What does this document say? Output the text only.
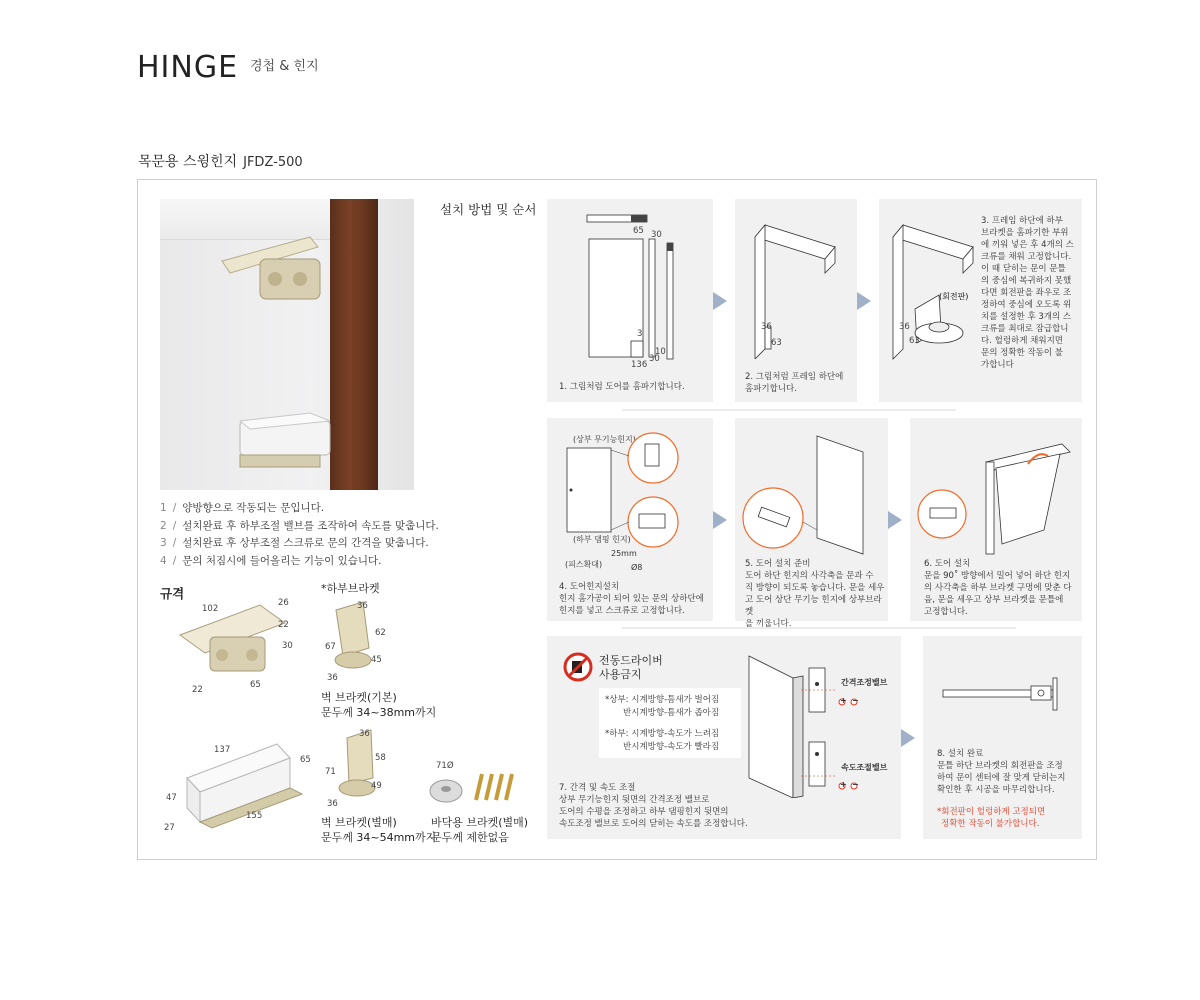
HINGE 경첩 & 힌지
목문용 스윙힌지 JFDZ-500
1 / 양방향으로 작동되는 문입니다.
2 / 설치완료 후 하부조절 밸브를 조작하여 속도를 맞춥니다.
3 / 설치완료 후 상부조절 스크류로 문의 간격을 맞춥니다.
4 / 문의 처짐시에 들어올리는 기능이 있습니다.
규격	*하부브라켓
102
26
22
30
22	65
36
62
67
45
36
벽 브라켓(기본)
문두께 34~38mm까지
137
65
47
27
155
36
58
71
49
36
벽 브라켓(별매)
문두께 34~54mm까지
71Ø
바닥용 브라켓(별매)
문두께 제한없음
설치 방법 및 순서
65 30
3
10
30
136
1. 그림처럼 도어를 홈파기합니다.
36
63
2. 그림처럼 프레임 하단에
홈파기합니다.
36
63
(회전판)
3. 프레임 하단에 하부
브라켓을 홈파기한 부위
에 끼워 넣은 후 4개의 스
크류를 채워 고정합니다.
이 때 닫히는 문이 문틀
의 중심에 복귀하지 못했
다면 회전판을 좌우로 조
정하여 중심에 오도록 위
치를 설정한 후 3개의 스
크류를 최대로 잠급합니
다. 헐렁하게 채워지면
문의 정확한 작동이 불
가합니다
(상부 무기능힌지)
(하부 댐핑 힌지)
(피스확대)
25mm
Ø8
4. 도어힌지설치
힌지 홈가공이 되어 있는 문의 상하단에
힌지를 넣고 스크류로 고정합니다.
5. 도어 설치 준비
도어 하단 힌지의 사각축을 문과 수
직 방향이 되도록 놓습니다. 문을 세우
고 도어 상단 무기능 힌지에 상부브라켓
을 끼웁니다.
6. 도어 설치
문을 90˚ 방향에서 밀어 넣어 하단 힌지
의 사각축을 하부 브라켓 구멍에 맞춘 다
음, 문을 세우고 상부 브라켓을 문틀에
고정합니다.
전동드라이버
사용금지
*상부: 시계방향-틈새가 벌어짐
반시계방향-틈새가 좁아짐
*하부: 시계방향-속도가 느려짐
반시계방향-속도가 빨라짐
간격조정밸브
속도조절밸브
+ −
+ −
7. 간격 및 속도 조절
상부 무기능힌지 뒷면의 간격조정 밸브로
도어의 수평을 조정하고 하부 댐핑힌지 뒷면의
속도조정 밸브로 도어의 닫히는 속도를 조정합니다.
8. 설치 완료
문틀 하단 브라켓의 회전판을 조정
하여 문이 센터에 잘 맞게 닫히는지
확인한 후 시공을 마무리합니다.
*회전판이 헐렁하게 고정되면
정확한 작동이 불가합니다.
